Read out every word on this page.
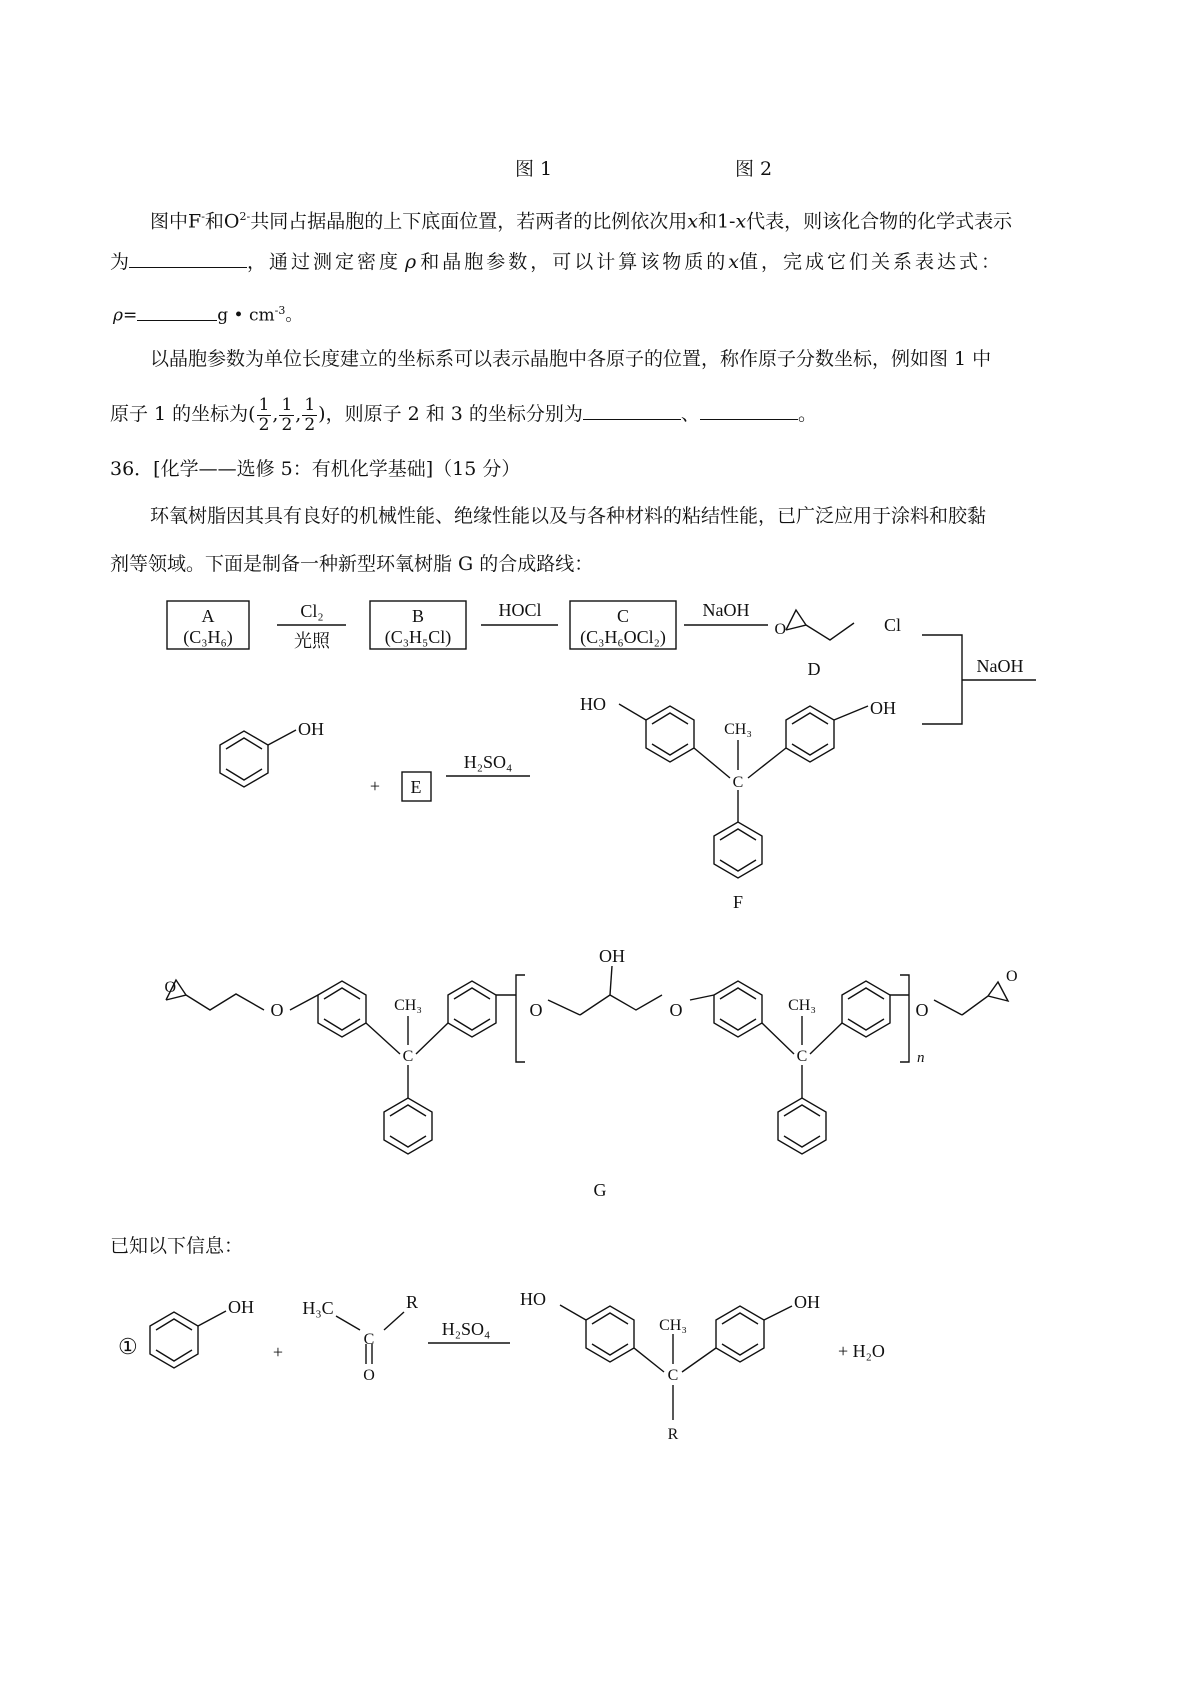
图 1	图 2
图中F-和$O^{2-}$共同占据晶胞的上下底面位置，若两者的比例依次用x和1-x代表，则该化合物的化学式表示
为	，通过测定密度 ρ 和晶胞参数，可以计算该物质的x值，完成它们关系表达式：
ρ=	g • $cm^{-3}$。
以晶胞参数为单位长度建立的坐标系可以表示晶胞中各原子的位置，称作原子分数坐标，例如图 1 中
原子 1 的坐标为( $\frac{1}{2}$ , $\frac{1}{2}$ , $\frac{1}{2}$ )，则原子 2 和 3 的坐标分别为	、	。
36．[化学——选修 5：有机化学基础]（15 分）
环氧树脂因其具有良好的机械性能、绝缘性能以及与各种材料的粘结性能，已广泛应用于涂料和胶黏
剂等领域。下面是制备一种新型环氧树脂 G 的合成路线：
A
(C₃H₆)
Cl₂
光照
B
(C₃H₅Cl)
HOCl	C
(C₃H₆OCl₂)
NaOH
O	Cl
D	NaOH
OH
+ E
H₂SO₄
HO	OH
CH₃
C
F
O
O	CH₃
C
O
OH
O	CH₃
C	n
O
O
G
已知以下信息：
①
OH
+
H₃C	R
C
O
H₂SO₄
HO	OH
CH₃
C
R
+ H₂O
